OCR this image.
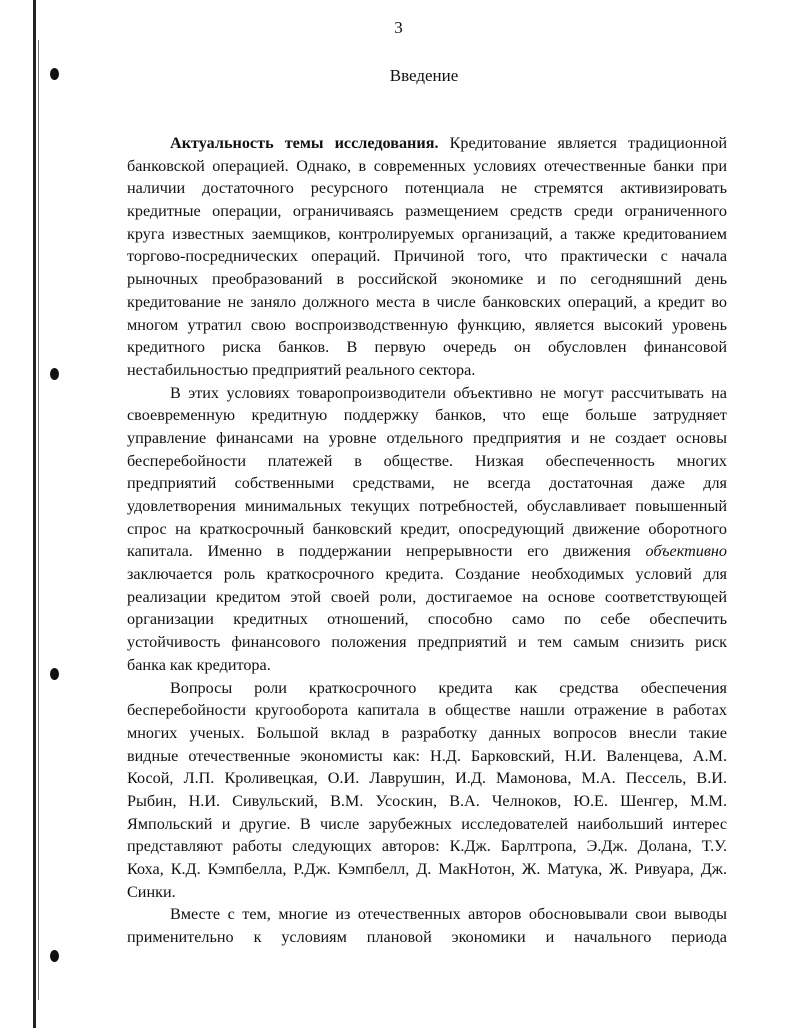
3
Введение
Актуальность темы исследования. Кредитование является традиционной
банковской операцией. Однако, в современных условиях отечественные банки при
наличии достаточного ресурсного потенциала не стремятся активизировать
кредитные операции, ограничиваясь размещением средств среди ограниченного
круга известных заемщиков, контролируемых организаций, а также кредитованием
торгово-посреднических операций. Причиной того, что практически с начала
рыночных преобразований в российской экономике и по сегодняшний день
кредитование не заняло должного места в числе банковских операций, а кредит во
многом утратил свою воспроизводственную функцию, является высокий уровень
кредитного риска банков. В первую очередь он обусловлен финансовой
нестабильностью предприятий реального сектора.
В этих условиях товаропроизводители объективно не могут рассчитывать на
своевременную кредитную поддержку банков, что еще больше затрудняет
управление финансами на уровне отдельного предприятия и не создает основы
бесперебойности платежей в обществе. Низкая обеспеченность многих
предприятий собственными средствами, не всегда достаточная даже для
удовлетворения минимальных текущих потребностей, обуславливает повышенный
спрос на краткосрочный банковский кредит, опосредующий движение оборотного
капитала. Именно в поддержании непрерывности его движения объективно
заключается роль краткосрочного кредита. Создание необходимых условий для
реализации кредитом этой своей роли, достигаемое на основе соответствующей
организации кредитных отношений, способно само по себе обеспечить
устойчивость финансового положения предприятий и тем самым снизить риск
банка как кредитора.
Вопросы роли краткосрочного кредита как средства обеспечения
бесперебойности кругооборота капитала в обществе нашли отражение в работах
многих ученых. Большой вклад в разработку данных вопросов внесли такие
видные отечественные экономисты как: Н.Д. Барковский, Н.И. Валенцева, А.М.
Косой, Л.П. Кроливецкая, О.И. Лаврушин, И.Д. Мамонова, М.А. Пессель, В.И.
Рыбин, Н.И. Сивульский, В.М. Усоскин, В.А. Челноков, Ю.Е. Шенгер, М.М.
Ямпольский и другие. В числе зарубежных исследователей наибольший интерес
представляют работы следующих авторов: К.Дж. Барлтропа, Э.Дж. Долана, Т.У.
Коха, К.Д. Кэмпбелла, Р.Дж. Кэмпбелл, Д. МакНотон, Ж. Матука, Ж. Ривуара, Дж.
Синки.
Вместе с тем, многие из отечественных авторов обосновывали свои выводы
применительно к условиям плановой экономики и начального периода
